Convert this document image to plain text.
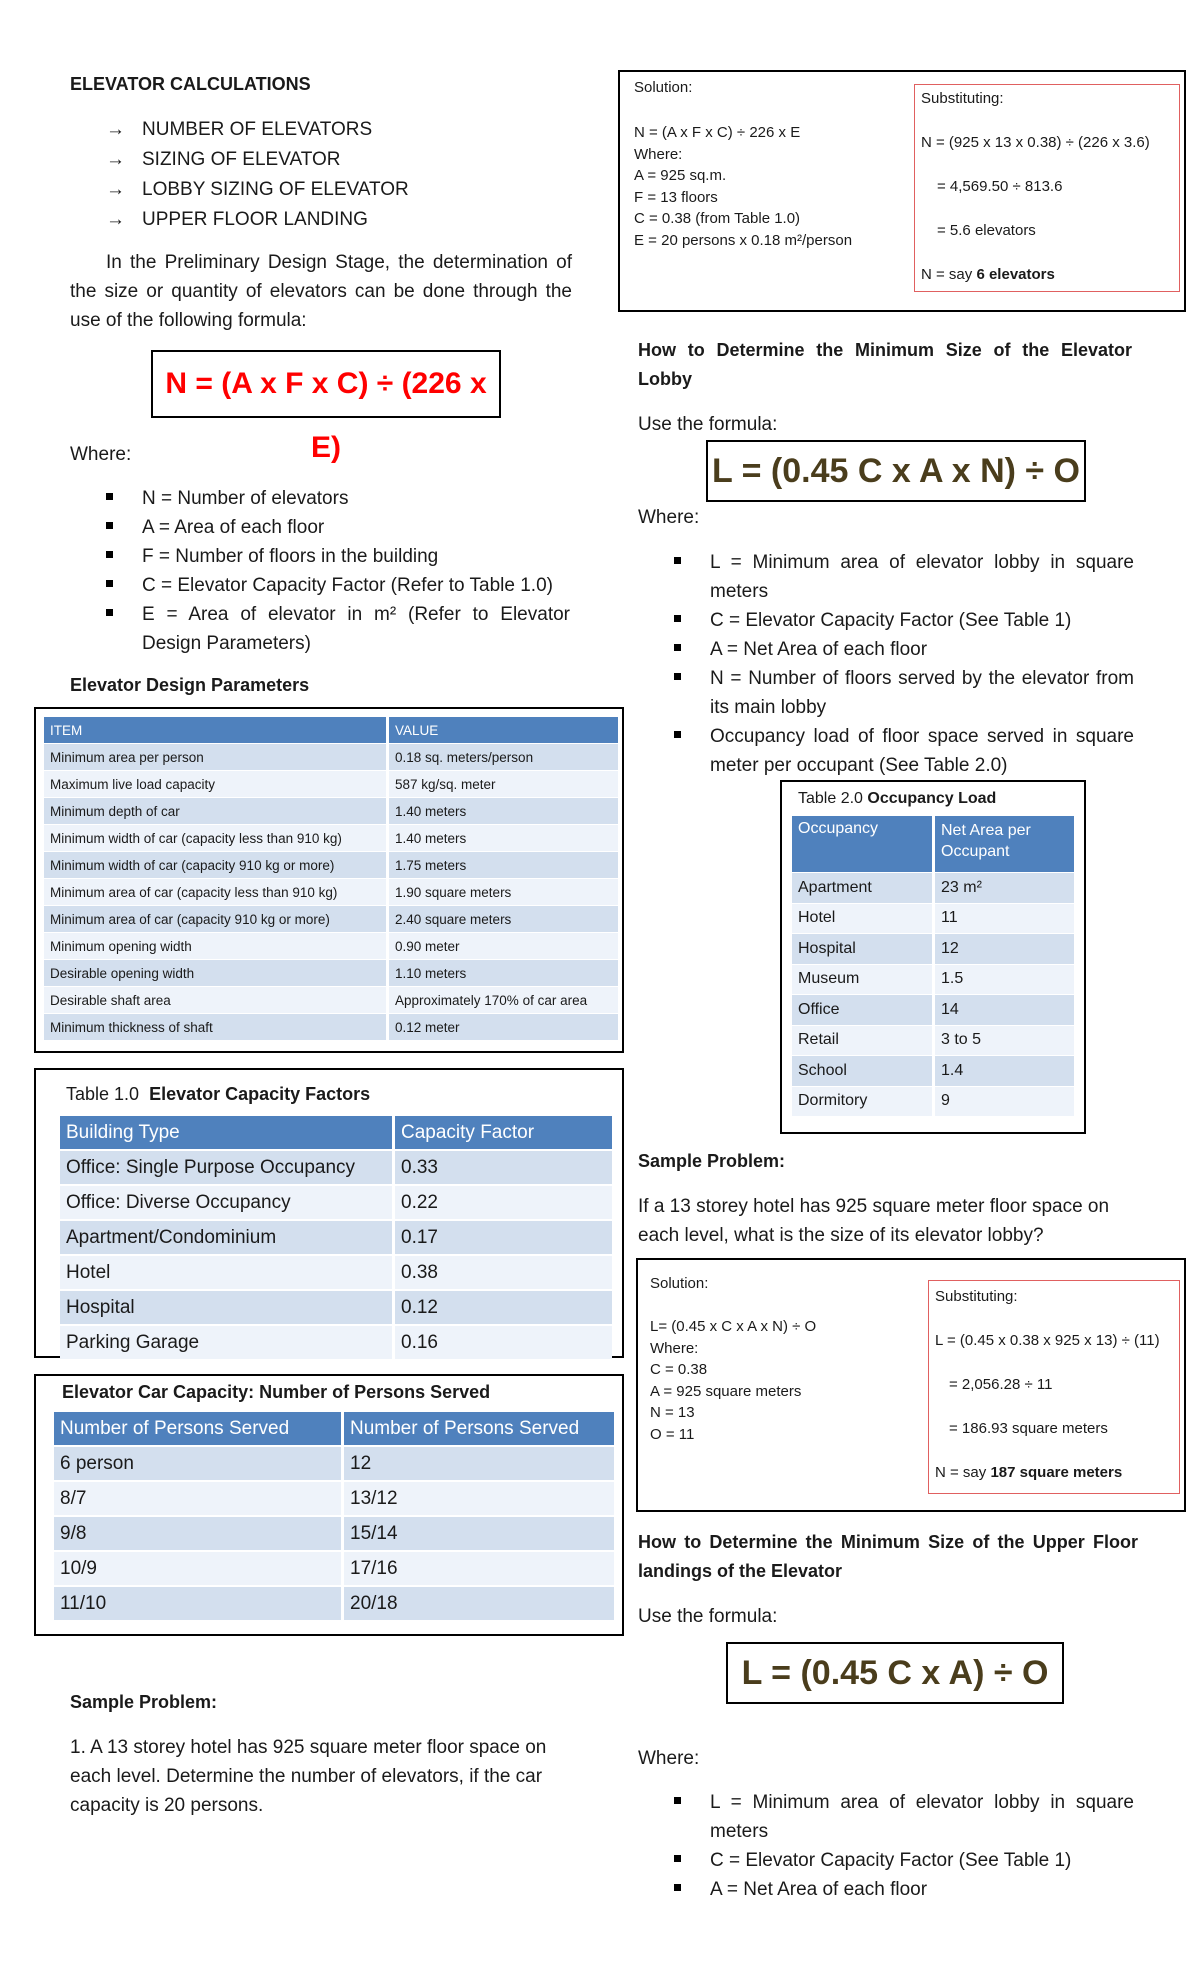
ELEVATOR CALCULATIONS
→ NUMBER OF ELEVATORS
→ SIZING OF ELEVATOR
→ LOBBY SIZING OF ELEVATOR
→ UPPER FLOOR LANDING
In the Preliminary Design Stage, the determination of the size or quantity of elevators can be done through the use of the following formula:
N = (A x F x C) ÷ (226 x E)
Where:
N = Number of elevators
A = Area of each floor
F = Number of floors in the building
C = Elevator Capacity Factor (Refer to Table 1.0)
E = Area of elevator in m² (Refer to Elevator Design Parameters)
Elevator Design Parameters
ITEM	VALUE
Minimum area per person	0.18 sq. meters/person
Maximum live load capacity	587 kg/sq. meter
Minimum depth of car	1.40 meters
Minimum width of car (capacity less than 910 kg)	1.40 meters
Minimum width of car (capacity 910 kg or more)	1.75 meters
Minimum area of car (capacity less than 910 kg)	1.90 square meters
Minimum area of car (capacity 910 kg or more)	2.40 square meters
Minimum opening width	0.90 meter
Desirable opening width	1.10 meters
Desirable shaft area	Approximately 170% of car area
Minimum thickness of shaft	0.12 meter
Table 1.0 Elevator Capacity Factors
Building Type	Capacity Factor
Office: Single Purpose Occupancy	0.33
Office: Diverse Occupancy	0.22
Apartment/Condominium	0.17
Hotel	0.38
Hospital	0.12
Parking Garage	0.16
Elevator Car Capacity: Number of Persons Served
Number of Persons Served	Number of Persons Served
6 person	12
8/7	13/12
9/8	15/14
10/9	17/16
11/10	20/18
Sample Problem:
1. A 13 storey hotel has 925 square meter floor space on each level. Determine the number of elevators, if the car capacity is 20 persons.
Solution:
N = (A x F x C) ÷ 226 x E
Where:
A = 925 sq.m.
F = 13 floors
C = 0.38 (from Table 1.0)
E = 20 persons x 0.18 m²/person
Substituting:
N = (925 x 13 x 0.38) ÷ (226 x 3.6)
= 4,569.50 ÷ 813.6
= 5.6 elevators
N = say 6 elevators
How to Determine the Minimum Size of the Elevator Lobby
Use the formula:
L = (0.45 C x A x N) ÷ O
Where:
L = Minimum area of elevator lobby in square meters
C = Elevator Capacity Factor (See Table 1)
A = Net Area of each floor
N = Number of floors served by the elevator from its main lobby
Occupancy load of floor space served in square meter per occupant (See Table 2.0)
Table 2.0 Occupancy Load
Occupancy	Net Area per Occupant
Apartment	23 m²
Hotel	11
Hospital	12
Museum	1.5
Office	14
Retail	3 to 5
School	1.4
Dormitory	9
Sample Problem:
If a 13 storey hotel has 925 square meter floor space on each level, what is the size of its elevator lobby?
Solution:
L= (0.45 x C x A x N) ÷ O
Where:
C = 0.38
A = 925 square meters
N = 13
O = 11
Substituting:
L = (0.45 x 0.38 x 925 x 13) ÷ (11)
= 2,056.28 ÷ 11
= 186.93 square meters
N = say 187 square meters
How to Determine the Minimum Size of the Upper Floor landings of the Elevator
Use the formula:
L = (0.45 C x A) ÷ O
Where:
L = Minimum area of elevator lobby in square meters
C = Elevator Capacity Factor (See Table 1)
A = Net Area of each floor
